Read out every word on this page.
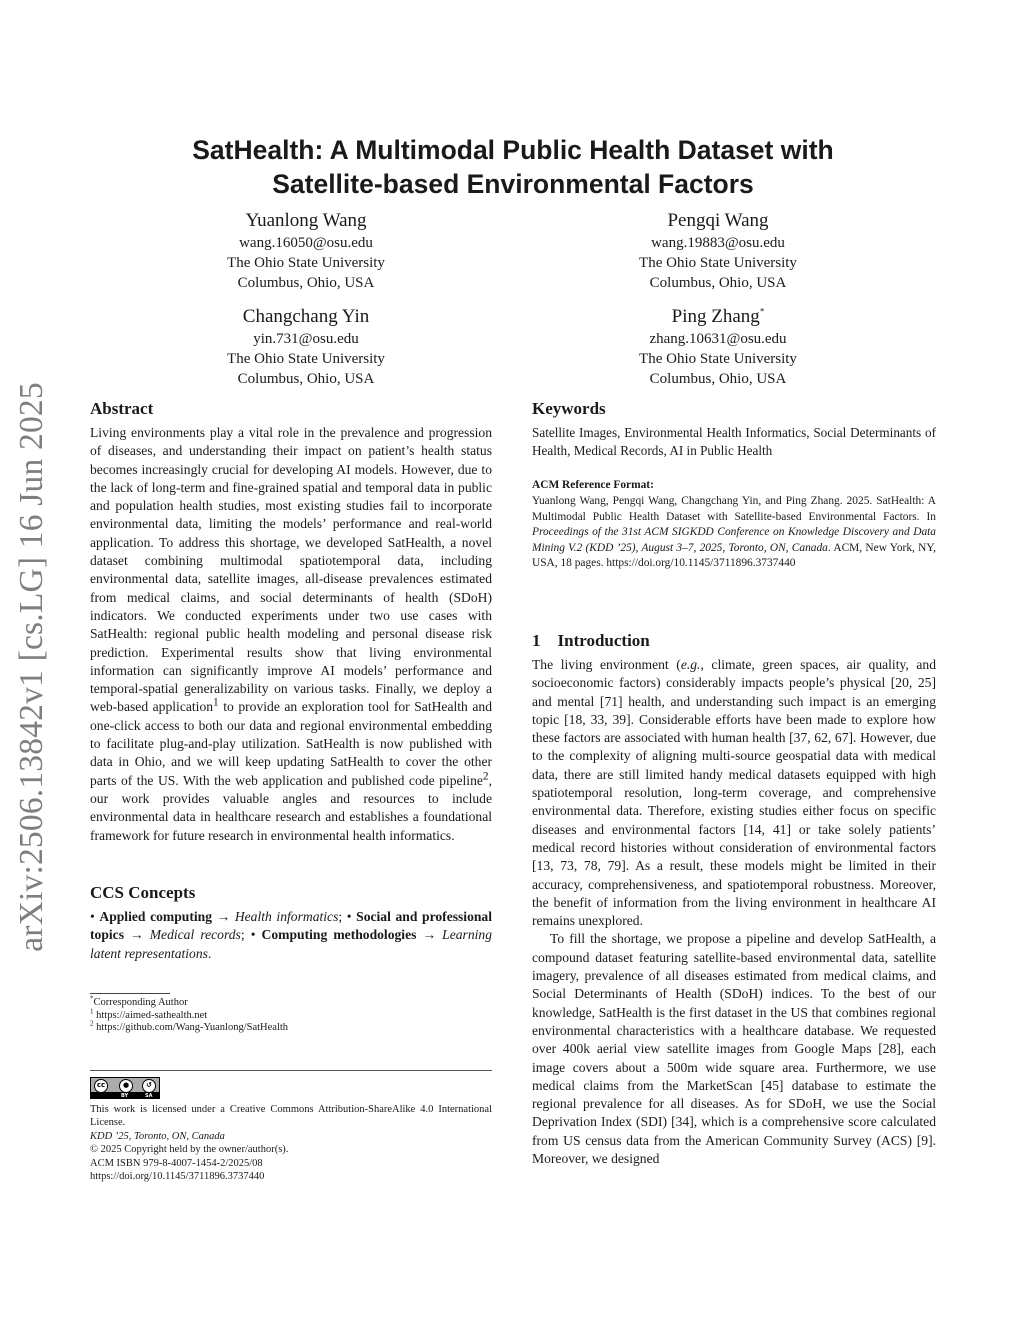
arXiv:2506.13842v1 [cs.LG] 16 Jun 2025
SatHealth: A Multimodal Public Health Dataset with
Satellite-based Environmental Factors
Yuanlong Wang
wang.16050@osu.edu
The Ohio State University
Columbus, Ohio, USA
Pengqi Wang
wang.19883@osu.edu
The Ohio State University
Columbus, Ohio, USA
Changchang Yin
yin.731@osu.edu
The Ohio State University
Columbus, Ohio, USA
Ping Zhang*
zhang.10631@osu.edu
The Ohio State University
Columbus, Ohio, USA
Abstract

Living environments play a vital role in the prevalence and progression of diseases, and understanding their impact on patient’s health status becomes increasingly crucial for developing AI models. However, due to the lack of long-term and fine-grained spatial and temporal data in public and population health studies, most existing studies fail to incorporate environmental data, limiting the models’ performance and real-world application. To address this shortage, we developed SatHealth, a novel dataset combining multimodal spatiotemporal data, including environmental data, satellite images, all-disease prevalences estimated from medical claims, and social determinants of health (SDoH) indicators. We conducted experiments under two use cases with SatHealth: regional public health modeling and personal disease risk prediction. Experimental results show that living environmental information can significantly improve AI models’ performance and temporal-spatial generalizability on various tasks. Finally, we deploy a web-based application$^1$ to provide an exploration tool for SatHealth and one-click access to both our data and regional environmental embedding to facilitate plug-and-play utilization. SatHealth is now published with data in Ohio, and we will keep updating SatHealth to cover the other parts of the US. With the web application and published code pipeline$^2$, our work provides valuable angles and resources to include environmental data in healthcare research and establishes a foundational framework for future research in environmental health informatics.

CCS Concepts

• Applied computing → Health informatics; • Social and professional topics → Medical records; • Computing methodologies → Learning latent representations.

*Corresponding Author
$^1$ https://aimed-sathealth.net
$^2$ https://github.com/Wang-Yuanlong/SatHealth
cc	●	↺
BY	SA
This work is licensed under a Creative Commons Attribution-ShareAlike 4.0 International License.
KDD ’25, Toronto, ON, Canada
© 2025 Copyright held by the owner/author(s).
ACM ISBN 979-8-4007-1454-2/2025/08
https://doi.org/10.1145/3711896.3737440
Keywords

Satellite Images, Environmental Health Informatics, Social Determinants of Health, Medical Records, AI in Public Health

ACM Reference Format:

Yuanlong Wang, Pengqi Wang, Changchang Yin, and Ping Zhang. 2025. SatHealth: A Multimodal Public Health Dataset with Satellite-based Environmental Factors. In Proceedings of the 31st ACM SIGKDD Conference on Knowledge Discovery and Data Mining V.2 (KDD ’25), August 3–7, 2025, Toronto, ON, Canada. ACM, New York, NY, USA, 18 pages. https://doi.org/10.1145/3711896.3737440

1    Introduction

The living environment (e.g., climate, green spaces, air quality, and socioeconomic factors) considerably impacts people’s physical [20, 25] and mental [71] health, and understanding such impact is an emerging topic [18, 33, 39]. Considerable efforts have been made to explore how these factors are associated with human health [37, 62, 67]. However, due to the complexity of aligning multi-source geospatial data with medical data, there are still limited handy medical datasets equipped with high spatiotemporal resolution, long-term coverage, and comprehensive environmental data. Therefore, existing studies either focus on specific diseases and environmental factors [14, 41] or take solely patients’ medical record histories without consideration of environmental factors [13, 73, 78, 79]. As a result, these models might be limited in their accuracy, comprehensiveness, and spatiotemporal robustness. Moreover, the benefit of information from the living environment in healthcare AI remains unexplored.

To fill the shortage, we propose a pipeline and develop SatHealth, a compound dataset featuring satellite-based environmental data, satellite imagery, prevalence of all diseases estimated from medical claims, and Social Determinants of Health (SDoH) indices. To the best of our knowledge, SatHealth is the first dataset in the US that combines regional environmental characteristics with a healthcare database. We requested over 400k aerial view satellite images from Google Maps [28], each image covers about a 500m wide square area. Furthermore, we use medical claims from the MarketScan [45] database to estimate the regional prevalence for all diseases. As for SDoH, we use the Social Deprivation Index (SDI) [34], which is a comprehensive score calculated from US census data from the American Community Survey (ACS) [9]. Moreover, we designed
